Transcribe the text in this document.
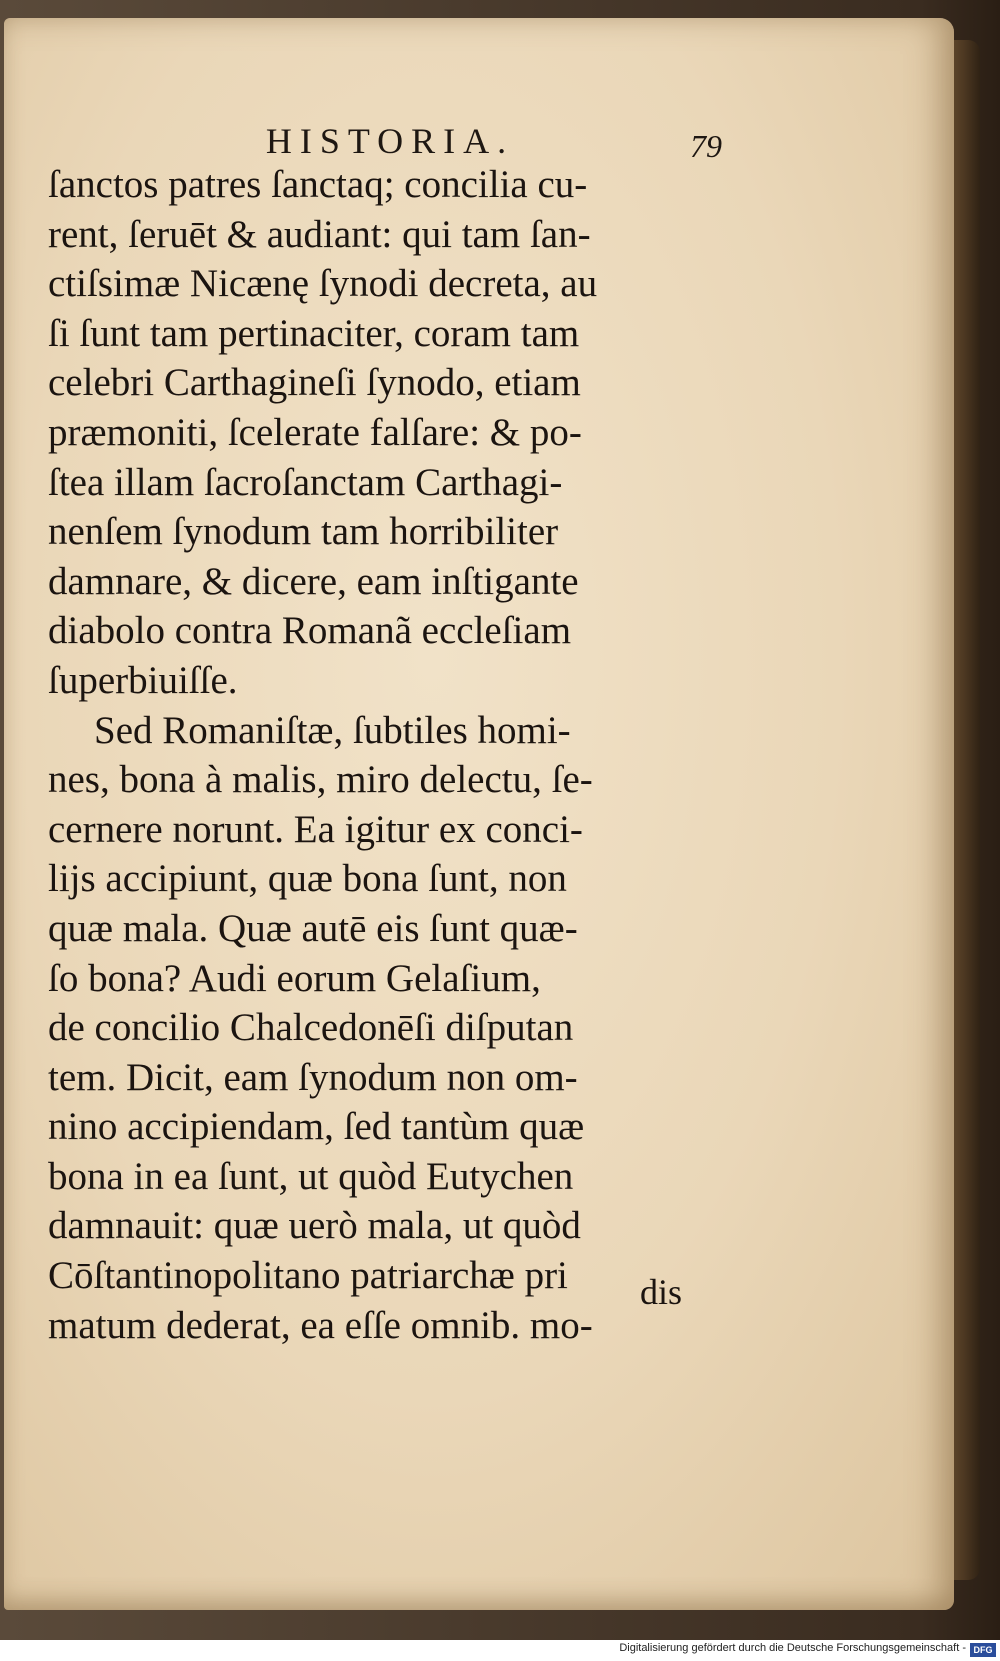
HISTORIA.	79
ſanctos patres ſanctaq; concilia cu-
rent, ſeruēt & audiant: qui tam ſan-
ctiſsimæ Nicænę ſynodi decreta, au
ſi ſunt tam pertinaciter, coram tam
celebri Carthagineſi ſynodo, etiam
præmoniti, ſcelerate falſare: & po-
ſtea illam ſacroſanctam Carthagi-
nenſem ſynodum tam horribiliter
damnare, & dicere, eam inſtigante
diabolo contra Romanã eccleſiam
ſuperbiuiſſe.
Sed Romaniſtæ, ſubtiles homi-
nes, bona à malis, miro delectu, ſe-
cernere norunt. Ea igitur ex conci-
lijs accipiunt, quæ bona ſunt, non
quæ mala. Quæ autē eis ſunt quæ-
ſo bona? Audi eorum Gelaſium,
de concilio Chalcedonēſi diſputan
tem. Dicit, eam ſynodum non om-
nino accipiendam, ſed tantùm quæ
bona in ea ſunt, ut quòd Eutychen
damnauit: quæ uerò mala, ut quòd
Cōſtantinopolitano patriarchæ pri
matum dederat, ea eſſe omnib. mo-
dis
Digitalisierung gefördert durch die Deutsche Forschungsgemeinschaft - DFG
